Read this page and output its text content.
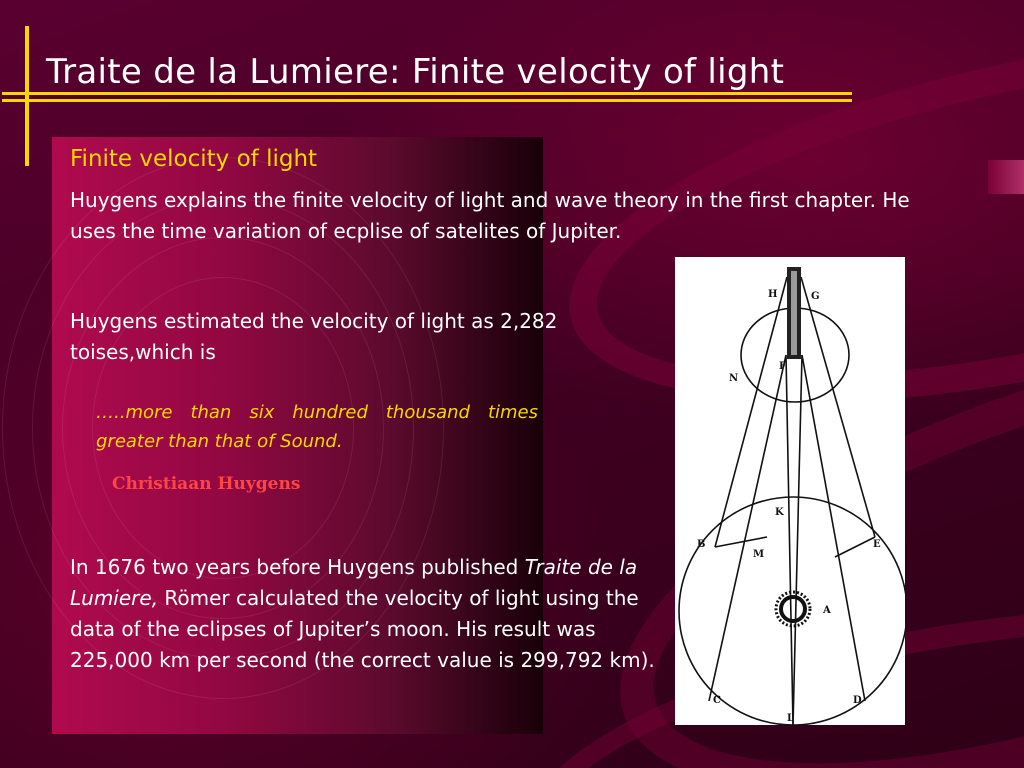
Traite de la Lumiere: Finite velocity of light
Finite velocity of light
Huygens explains the finite velocity of light and wave theory in the first chapter. He uses the time variation of ecplise of satelites of Jupiter.
Huygens estimated the velocity of light as 2,282 toises,which is
…..more than six hundred thousand times greater than that of Sound.
Christiaan Huygens
In 1676 two years before Huygens published Traite de la Lumiere, Römer calculated the velocity of light using the data of the eclipses of Jupiter’s moon. His result was 225,000 km per second (the correct value is 299,792 km).
H	G
N
F
K
B
M
E
A
C
L
D
